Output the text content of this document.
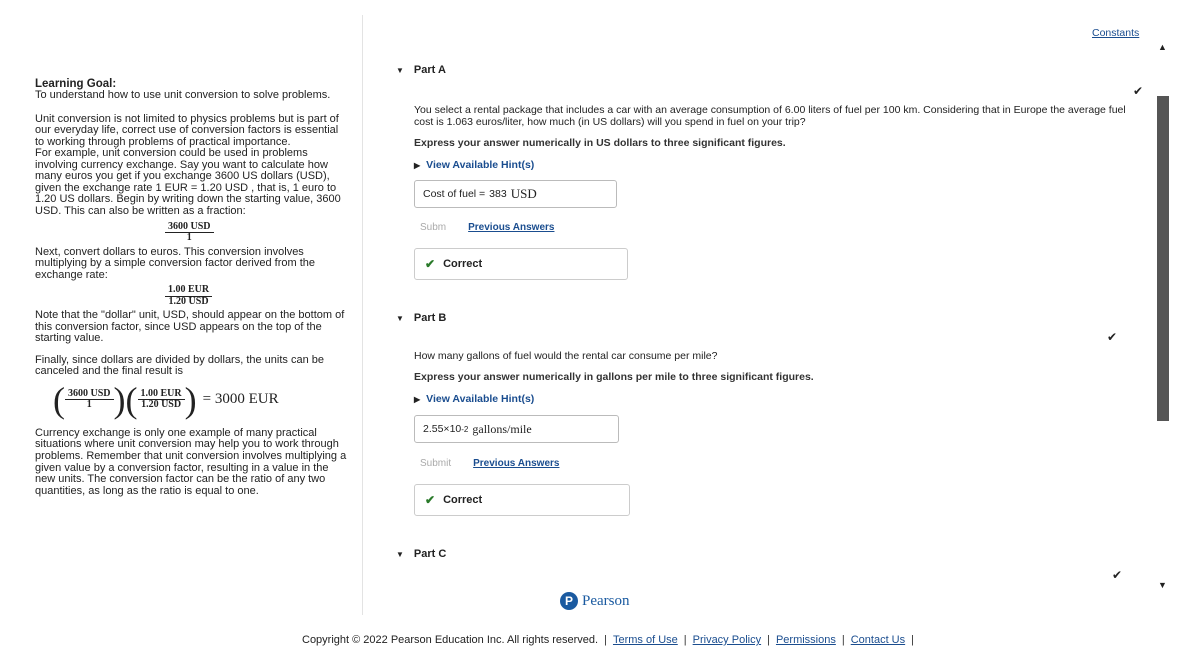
Learning Goal:

To understand how to use unit conversion to solve problems.

Unit conversion is not limited to physics problems but is part of our everyday life, correct use of conversion factors is essential to working through problems of practical importance.

For example, unit conversion could be used in problems involving currency exchange. Say you want to calculate how many euros you get if you exchange 3600 US dollars (USD), given the exchange rate 1 EUR = 1.20 USD , that is, 1 euro to 1.20 US dollars. Begin by writing down the starting value, 3600 USD. This can also be written as a fraction:

$\frac{\text{3600 USD}}{1}$

Next, convert dollars to euros. This conversion involves multiplying by a simple conversion factor derived from the exchange rate:

$\frac{\text{1.00 EUR}}{\text{1.20 USD}}$

Note that the "dollar" unit, USD, should appear on the bottom of this conversion factor, since USD appears on the top of the starting value.

Finally, since dollars are divided by dollars, the units can be canceled and the final result is

( $\frac{\text{3600 USD}}{1}$ ) ( $\frac{\text{1.00 EUR}}{\text{1.20 USD}}$ ) = 3000 EUR

Currency exchange is only one example of many practical situations where unit conversion may help you to work through problems. Remember that unit conversion involves multiplying a given value by a conversion factor, resulting in a value in the new units. The conversion factor can be the ratio of any two quantities, as long as the ratio is equal to one.

Constants
▲
▼
▼ Part A
✔
You select a rental package that includes a car with an average consumption of 6.00 liters of fuel per 100 km. Considering that in Europe the average fuel cost is 1.063 euros/liter, how much (in US dollars) will you spend in fuel on your trip?
Express your answer numerically in US dollars to three significant figures.
▶ View Available Hint(s)
Cost of fuel = 383 USD
Subm Previous Answers
✔ Correct
▼ Part B
✔
How many gallons of fuel would the rental car consume per mile?
Express your answer numerically in gallons per mile to three significant figures.
▶ View Available Hint(s)
2.55×10 -2 gallons/mile
Submit Previous Answers
✔ Correct
▼ Part C
✔
P Pearson
Copyright © 2022 Pearson Education Inc. All rights reserved. | Terms of Use | Privacy Policy | Permissions | Contact Us |
